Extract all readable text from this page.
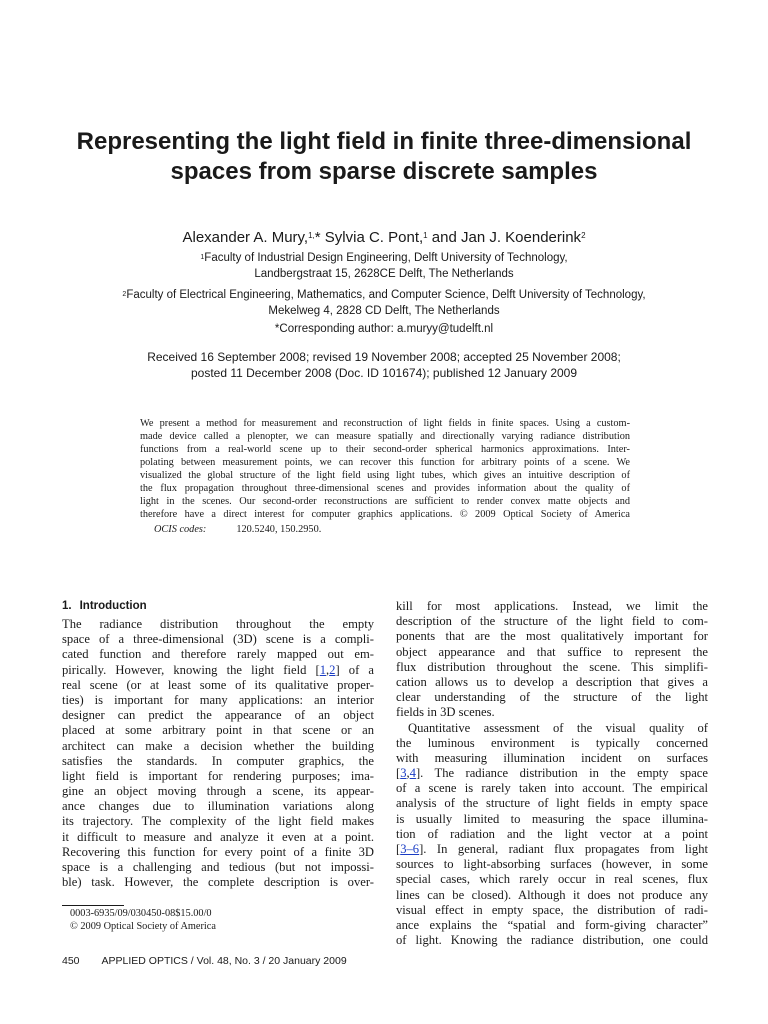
Representing the light field in finite three-dimensional
spaces from sparse discrete samples
Alexander A. Mury,$^{1,}$* Sylvia C. Pont,$^1$ and Jan J. Koenderink$^2$
$^1$Faculty of Industrial Design Engineering, Delft University of Technology,
Landbergstraat 15, 2628CE Delft, The Netherlands
$^2$Faculty of Electrical Engineering, Mathematics, and Computer Science, Delft University of Technology,
Mekelweg 4, 2828 CD Delft, The Netherlands
*Corresponding author: a.muryy@tudelft.nl
Received 16 September 2008; revised 19 November 2008; accepted 25 November 2008;
posted 11 December 2008 (Doc. ID 101674); published 12 January 2009
We present a method for measurement and reconstruction of light fields in finite spaces. Using a custom-
made device called a plenopter, we can measure spatially and directionally varying radiance distribution
functions from a real-world scene up to their second-order spherical harmonics approximations. Inter-
polating between measurement points, we can recover this function for arbitrary points of a scene. We
visualized the global structure of the light field using light tubes, which gives an intuitive description of
the flux propagation throughout three-dimensional scenes and provides information about the quality of
light in the scenes. Our second-order reconstructions are sufficient to render convex matte objects and
therefore have a direct interest for computer graphics applications. © 2009 Optical Society of America
OCIS codes:	120.5240, 150.2950.
1. Introduction
The radiance distribution throughout the empty
space of a three-dimensional (3D) scene is a compli-
cated function and therefore rarely mapped out em-
pirically. However, knowing the light field [1,2] of a
real scene (or at least some of its qualitative proper-
ties) is important for many applications: an interior
designer can predict the appearance of an object
placed at some arbitrary point in that scene or an
architect can make a decision whether the building
satisfies the standards. In computer graphics, the
light field is important for rendering purposes; ima-
gine an object moving through a scene, its appear-
ance changes due to illumination variations along
its trajectory. The complexity of the light field makes
it difficult to measure and analyze it even at a point.
Recovering this function for every point of a finite 3D
space is a challenging and tedious (but not impossi-
ble) task. However, the complete description is over-
kill for most applications. Instead, we limit the
description of the structure of the light field to com-
ponents that are the most qualitatively important for
object appearance and that suffice to represent the
flux distribution throughout the scene. This simplifi-
cation allows us to develop a description that gives a
clear understanding of the structure of the light
fields in 3D scenes.
Quantitative assessment of the visual quality of
the luminous environment is typically concerned
with measuring illumination incident on surfaces
[3,4]. The radiance distribution in the empty space
of a scene is rarely taken into account. The empirical
analysis of the structure of light fields in empty space
is usually limited to measuring the space illumina-
tion of radiation and the light vector at a point
[3–6]. In general, radiant flux propagates from light
sources to light-absorbing surfaces (however, in some
special cases, which rarely occur in real scenes, flux
lines can be closed). Although it does not produce any
visual effect in empty space, the distribution of radi-
ance explains the “spatial and form-giving character”
of light. Knowing the radiance distribution, one could
0003-6935/09/030450-08$15.00/0
© 2009 Optical Society of America
450 APPLIED OPTICS / Vol. 48, No. 3 / 20 January 2009
